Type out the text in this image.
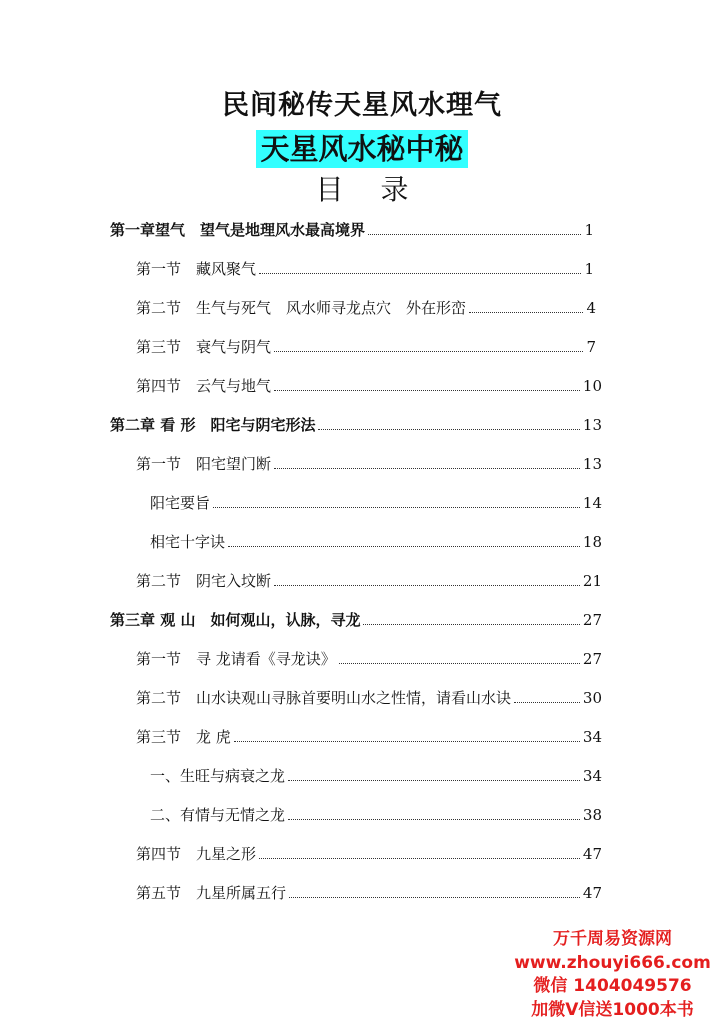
民间秘传天星风水理气
天星风水秘中秘
目 录
第一章望气　望气是地理风水最高境界	1
第一节　藏风聚气	1
第二节　生气与死气　风水师寻龙点穴　外在形峦	4
第三节　衰气与阴气	7
第四节　云气与地气	10
第二章 看 形　阳宅与阴宅形法	13
第一节　阳宅望门断	13
阳宅要旨	14
相宅十字诀	18
第二节　阴宅入坟断	21
第三章 观 山　如何观山，认脉，寻龙	27
第一节　寻 龙请看《寻龙诀》	27
第二节　山水诀观山寻脉首要明山水之性情，请看山水诀	30
第三节　龙 虎	34
一、生旺与病衰之龙	34
二、有情与无情之龙	38
第四节　九星之形	47
第五节　九星所属五行	47
万千周易资源网
www.zhouyi666.com
微信 1404049576
加微V信送1000本书
